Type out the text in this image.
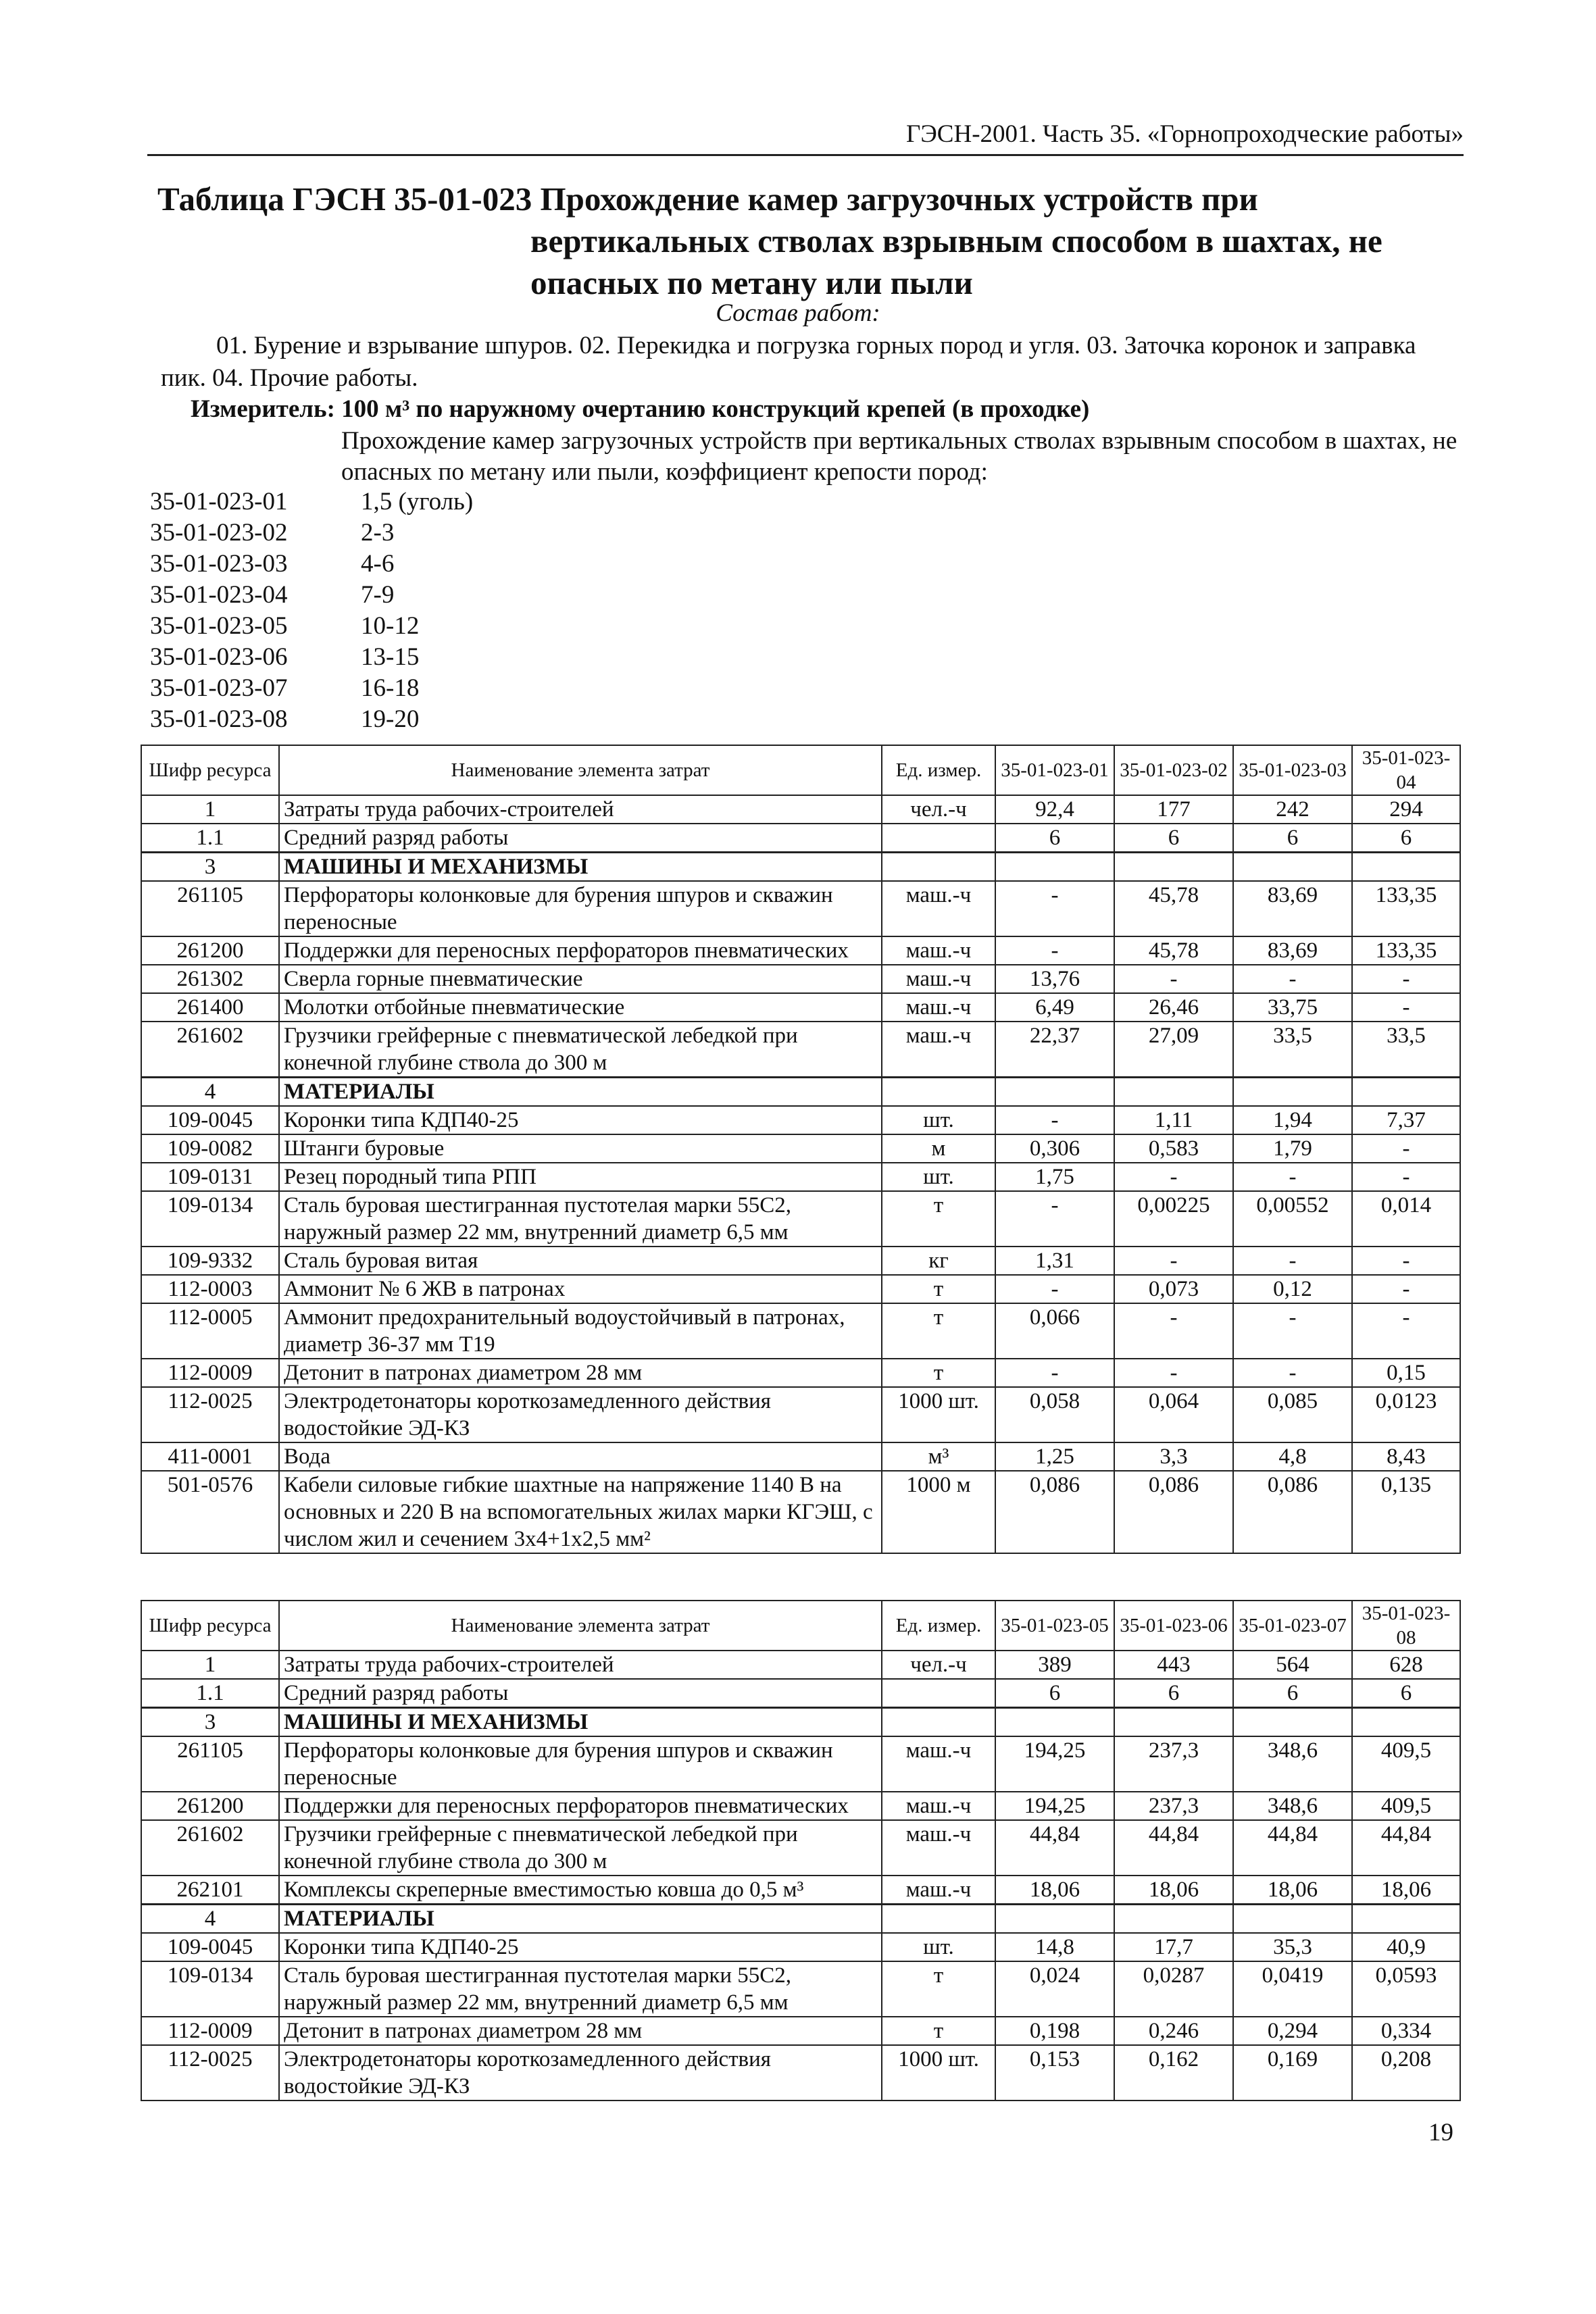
ГЭСН-2001. Часть 35. «Горнопроходческие работы»
Таблица ГЭСН 35-01-023 Прохождение камер загрузочных устройств при
вертикальных стволах взрывным способом в шахтах, не
опасных по метану или пыли
Состав работ:
01. Бурение и взрывание шпуров. 02. Перекидка и погрузка горных пород и угля. 03. Заточка коронок и заправка пик. 04. Прочие работы.
Измеритель: 100 м³ по наружному очертанию конструкций крепей (в проходке)
Прохождение камер загрузочных устройств при вертикальных стволах взрывным способом в шахтах, не опасных по метану или пыли, коэффициент крепости пород:
35-01-023-01	1,5 (уголь)
35-01-023-02	2-3
35-01-023-03	4-6
35-01-023-04	7-9
35-01-023-05	10-12
35-01-023-06	13-15
35-01-023-07	16-18
35-01-023-08	19-20
Шифр ресурса	Наименование элемента затрат	Ед. измер.	35-01-023-01	35-01-023-02	35-01-023-03	35-01-023-04
1	Затраты труда рабочих-строителей	чел.-ч	92,4	177	242	294
1.1	Средний разряд работы		6	6	6	6
3	МАШИНЫ И МЕХАНИЗМЫ					
261105	Перфораторы колонковые для бурения шпуров и скважин переносные	маш.-ч	-	45,78	83,69	133,35
261200	Поддержки для переносных перфораторов пневматических	маш.-ч	-	45,78	83,69	133,35
261302	Сверла горные пневматические	маш.-ч	13,76	-	-	-
261400	Молотки отбойные пневматические	маш.-ч	6,49	26,46	33,75	-
261602	Грузчики грейферные с пневматической лебедкой при конечной глубине ствола до 300 м	маш.-ч	22,37	27,09	33,5	33,5
4	МАТЕРИАЛЫ					
109-0045	Коронки типа КДП40-25	шт.	-	1,11	1,94	7,37
109-0082	Штанги буровые	м	0,306	0,583	1,79	-
109-0131	Резец породный типа РПП	шт.	1,75	-	-	-
109-0134	Сталь буровая шестигранная пустотелая марки 55С2, наружный размер 22 мм, внутренний диаметр 6,5 мм	т	-	0,00225	0,00552	0,014
109-9332	Сталь буровая витая	кг	1,31	-	-	-
112-0003	Аммонит № 6 ЖВ в патронах	т	-	0,073	0,12	-
112-0005	Аммонит предохранительный водоустойчивый в патронах, диаметр 36-37 мм Т19	т	0,066	-	-	-
112-0009	Детонит в патронах диаметром 28 мм	т	-	-	-	0,15
112-0025	Электродетонаторы короткозамедленного действия водостойкие ЭД-КЗ	1000 шт.	0,058	0,064	0,085	0,0123
411-0001	Вода	м³	1,25	3,3	4,8	8,43
501-0576	Кабели силовые гибкие шахтные на напряжение 1140 В на основных и 220 В на вспомогательных жилах марки КГЭШ, с числом жил и сечением 3х4+1х2,5 мм²	1000 м	0,086	0,086	0,086	0,135
Шифр ресурса	Наименование элемента затрат	Ед. измер.	35-01-023-05	35-01-023-06	35-01-023-07	35-01-023-08
1	Затраты труда рабочих-строителей	чел.-ч	389	443	564	628
1.1	Средний разряд работы		6	6	6	6
3	МАШИНЫ И МЕХАНИЗМЫ					
261105	Перфораторы колонковые для бурения шпуров и скважин переносные	маш.-ч	194,25	237,3	348,6	409,5
261200	Поддержки для переносных перфораторов пневматических	маш.-ч	194,25	237,3	348,6	409,5
261602	Грузчики грейферные с пневматической лебедкой при конечной глубине ствола до 300 м	маш.-ч	44,84	44,84	44,84	44,84
262101	Комплексы скреперные вместимостью ковша до 0,5 м³	маш.-ч	18,06	18,06	18,06	18,06
4	МАТЕРИАЛЫ					
109-0045	Коронки типа КДП40-25	шт.	14,8	17,7	35,3	40,9
109-0134	Сталь буровая шестигранная пустотелая марки 55С2, наружный размер 22 мм, внутренний диаметр 6,5 мм	т	0,024	0,0287	0,0419	0,0593
112-0009	Детонит в патронах диаметром 28 мм	т	0,198	0,246	0,294	0,334
112-0025	Электродетонаторы короткозамедленного действия водостойкие ЭД-КЗ	1000 шт.	0,153	0,162	0,169	0,208
19
